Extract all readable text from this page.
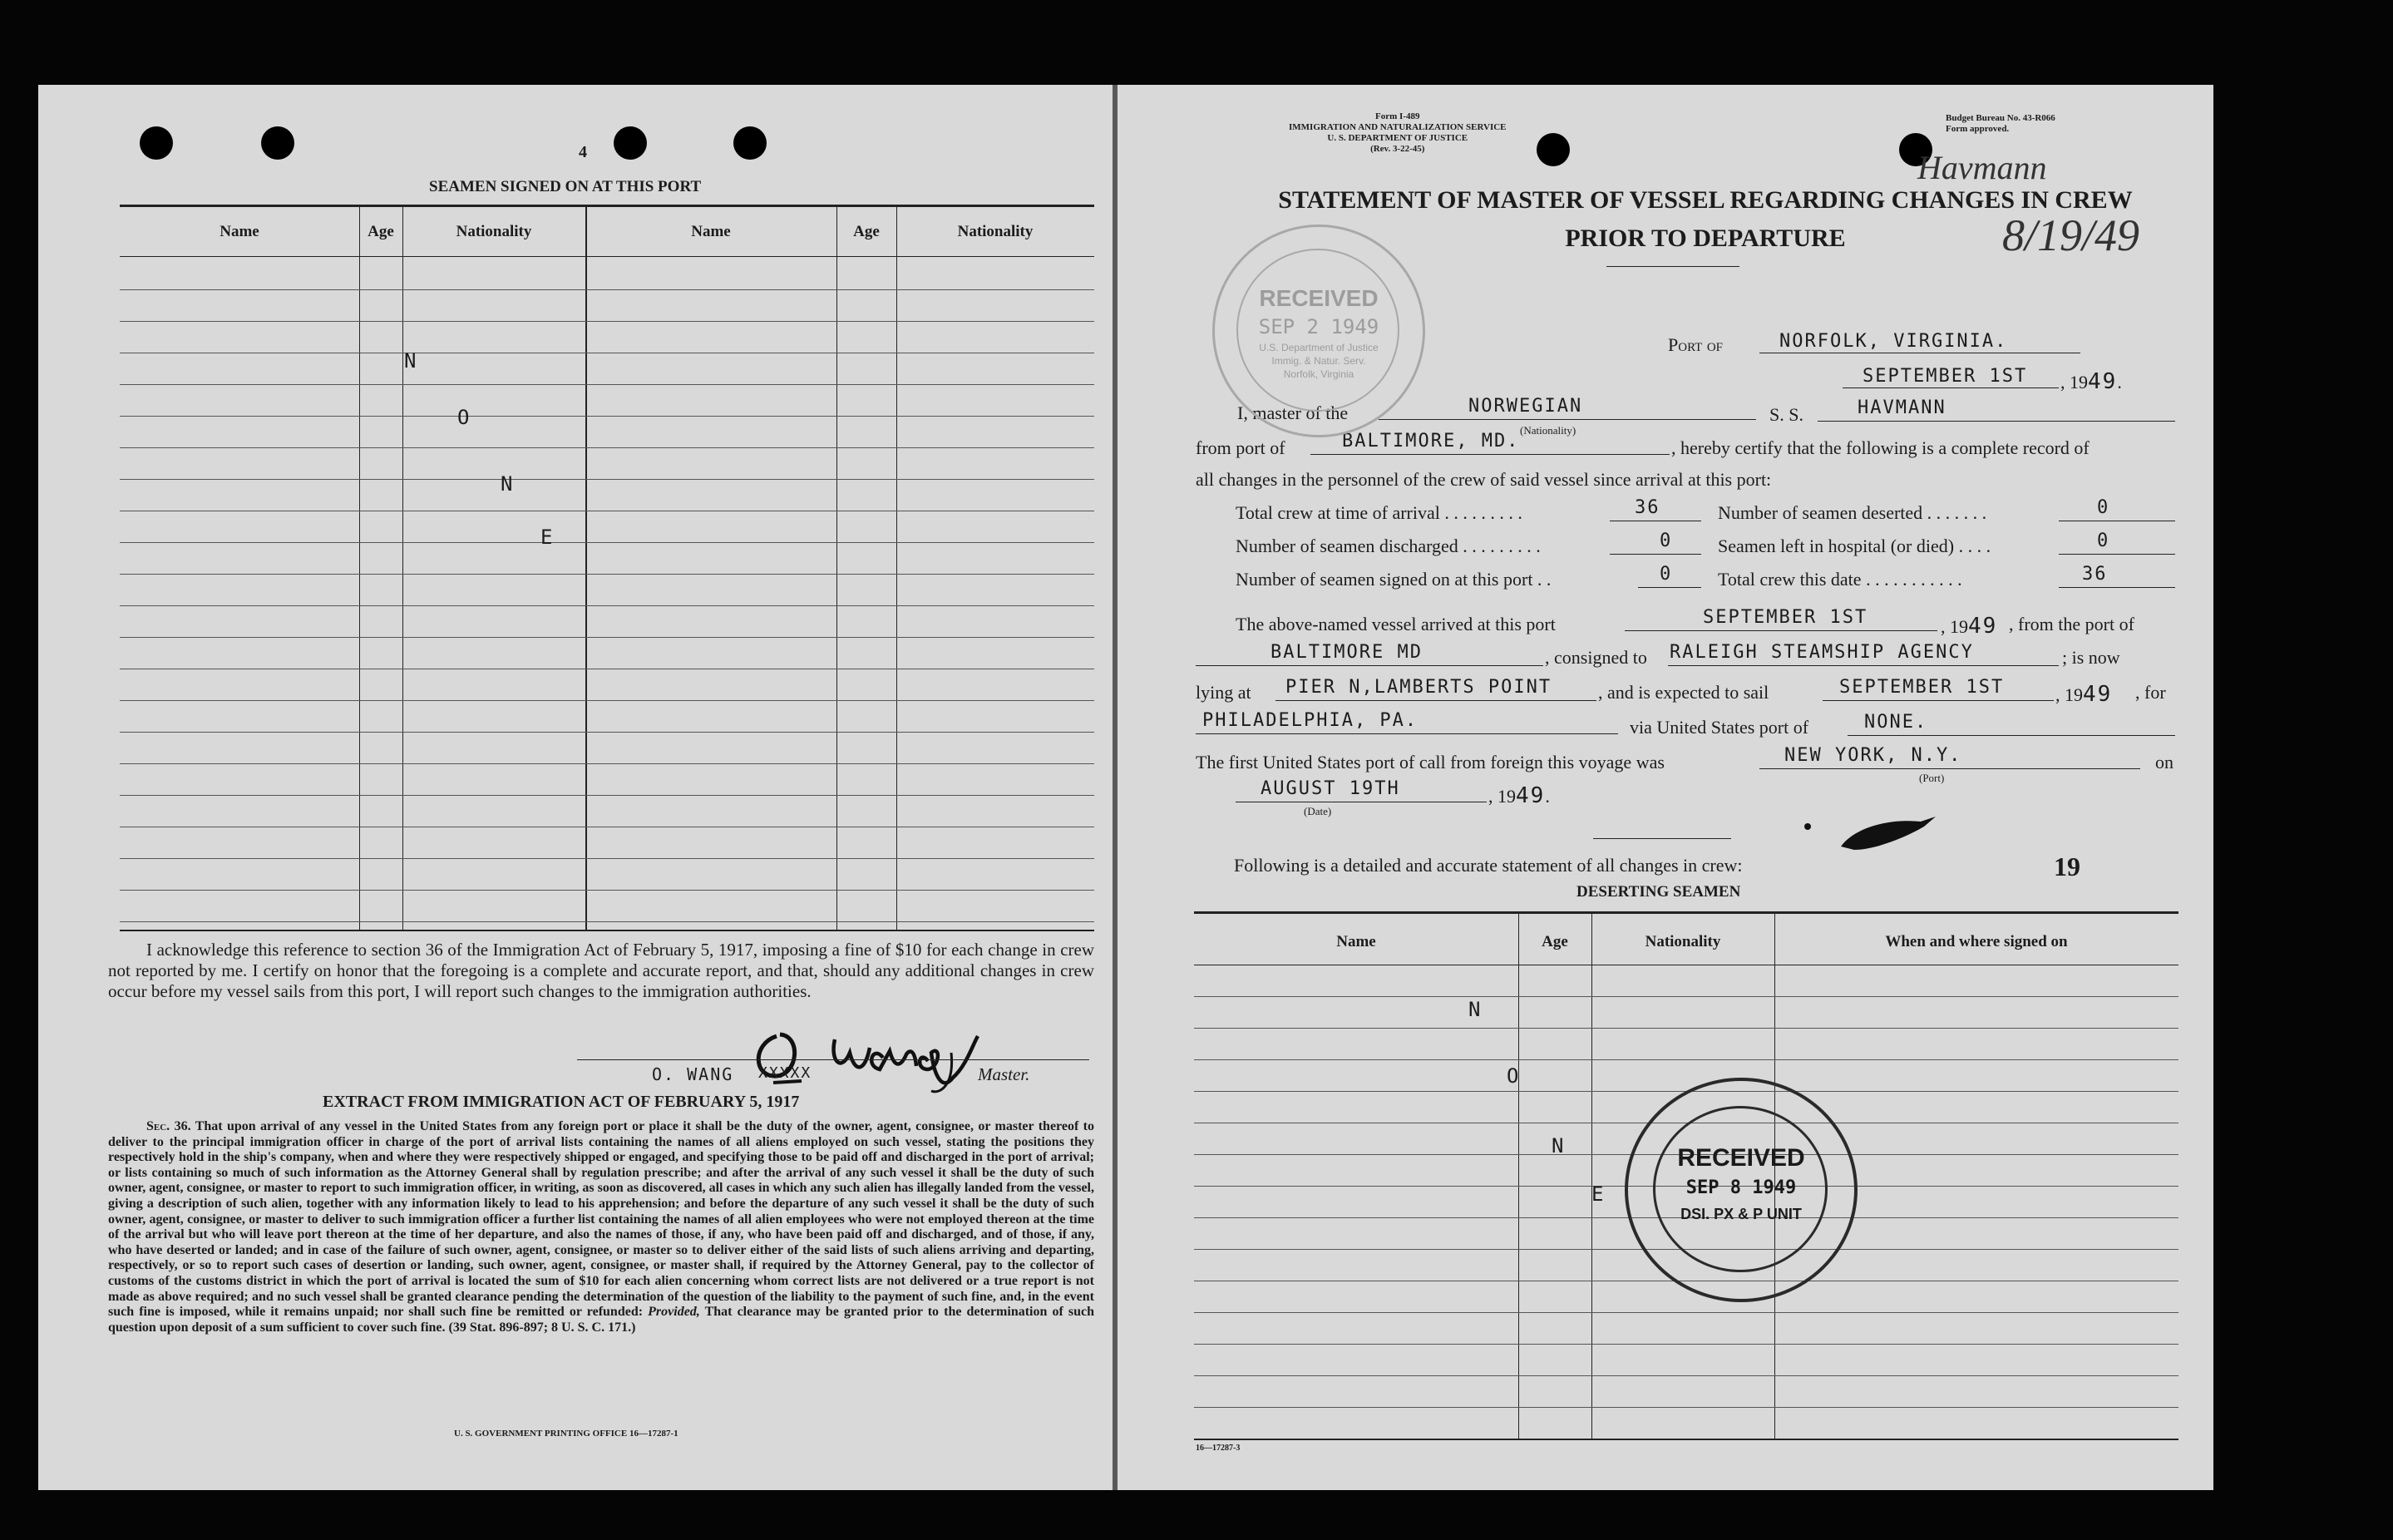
4
SEAMEN SIGNED ON AT THIS PORT
Name	Age	Nationality	Name	Age	Nationality
N
O
N
E
I acknowledge this reference to section 36 of the Immigration Act of February 5, 1917, imposing a fine of $10 for each change in crew not reported by me. I certify on honor that the foregoing is a complete and accurate report, and that, should any additional changes in crew occur before my vessel sails from this port, I will report such changes to the immigration authorities.
O. WANG XXXXX	Master.
EXTRACT FROM IMMIGRATION ACT OF FEBRUARY 5, 1917
Sec. 36. That upon arrival of any vessel in the United States from any foreign port or place it shall be the duty of the owner, agent, consignee, or master thereof to deliver to the principal immigration officer in charge of the port of arrival lists containing the names of all aliens employed on such vessel, stating the positions they respectively hold in the ship's company, when and where they were respectively shipped or engaged, and specifying those to be paid off and discharged in the port of arrival; or lists containing so much of such information as the Attorney General shall by regulation prescribe; and after the arrival of any such vessel it shall be the duty of such owner, agent, consignee, or master to report to such immigration officer, in writing, as soon as discovered, all cases in which any such alien has illegally landed from the vessel, giving a description of such alien, together with any information likely to lead to his apprehension; and before the departure of any such vessel it shall be the duty of such owner, agent, consignee, or master to deliver to such immigration officer a further list containing the names of all alien employees who were not employed thereon at the time of the arrival but who will leave port thereon at the time of her departure, and also the names of those, if any, who have been paid off and discharged, and of those, if any, who have deserted or landed; and in case of the failure of such owner, agent, consignee, or master so to deliver either of the said lists of such aliens arriving and departing, respectively, or so to report such cases of desertion or landing, such owner, agent, consignee, or master shall, if required by the Attorney General, pay to the collector of customs of the customs district in which the port of arrival is located the sum of $10 for each alien concerning whom correct lists are not delivered or a true report is not made as above required; and no such vessel shall be granted clearance pending the determination of the question of the liability to the payment of such fine, and, in the event such fine is imposed, while it remains unpaid; nor shall such fine be remitted or refunded: Provided, That clearance may be granted prior to the determination of such question upon deposit of a sum sufficient to cover such fine. (39 Stat. 896-897; 8 U. S. C. 171.)
U. S. GOVERNMENT PRINTING OFFICE 16—17287-1
Form I-489
IMMIGRATION AND NATURALIZATION SERVICE
U. S. DEPARTMENT OF JUSTICE
(Rev. 3-22-45)
Budget Bureau No. 43-R066
Form approved.
Havmann
8/19/49
STATEMENT OF MASTER OF VESSEL REGARDING CHANGES IN CREW
PRIOR TO DEPARTURE
Port of	NORFOLK, VIRGINIA.
SEPTEMBER 1ST , 1949.
I, master of the	NORWEGIAN
(Nationality)
S. S.	HAVMANN
from port of	BALTIMORE, MD.	, hereby certify that the following is a complete record of
all changes in the personnel of the crew of said vessel since arrival at this port:
Total crew at time of arrival . . . . . . . . .	36	Number of seamen deserted . . . . . . .	0
Number of seamen discharged . . . . . . . . .	0 Seamen left in hospital (or died) . . . .	0
Number of seamen signed on at this port . .	0 Total crew this date . . . . . . . . . . .	36
The above-named vessel arrived at this port	SEPTEMBER 1ST	, 1949 , from the port of
BALTIMORE MD	, consigned to RALEIGH STEAMSHIP AGENCY	; is now
lying at PIER N,LAMBERTS POINT	, and is expected to sail	SEPTEMBER 1ST	, 1949 , for
PHILADELPHIA, PA.	via United States port of	NONE.
The first United States port of call from foreign this voyage was	NEW YORK, N.Y.
(Port)
on
AUGUST 19TH	, 1949.
(Date)
Following is a detailed and accurate statement of all changes in crew:	19
DESERTING SEAMEN
Name	Age	Nationality	When and where signed on
N
O
N
E
16—17287-3
RECEIVED
SEP 2 1949
U.S. Department of Justice
Immig. & Natur. Serv.
Norfolk, Virginia
RECEIVED
SEP 8 1949
DSI. PX & P UNIT
